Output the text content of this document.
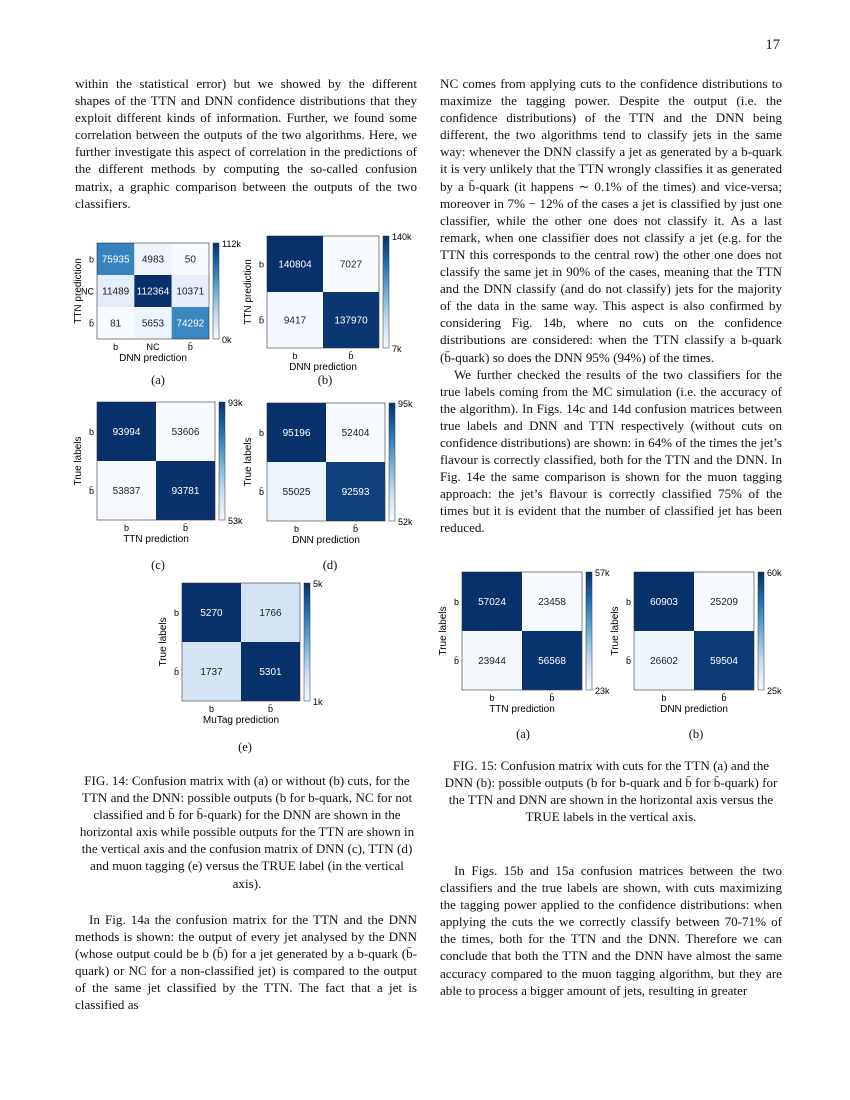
17

within the statistical error) but we showed by the different shapes of the TTN and DNN confidence distributions that they exploit different kinds of information. Further, we found some correlation between the outputs of the two algorithms. Here, we further investigate this aspect of correlation in the predictions of the different methods by computing the so-called confusion matrix, a graphic comparison between the outputs of the two classifiers.

75935 4983 50
11489 112364 10371
81 5653 74292
b
NC
b̄
b	NC	b̄
DNN prediction
TTN prediction
112k
0k
(a)
140804	7027
9417	137970
b
b̄
b	b̄
DNN prediction
TTN prediction
140k
7k
(b)
93994	53606
53837	93781
b
b̄
b	b̄
TTN prediction
True labels
93k
53k
(c)
95196	52404
55025	92593
b
b̄
b	b̄
DNN prediction
True labels
95k
52k
(d)
5270	1766
1737	5301
b
b̄
b	b̄
MuTag prediction
True labels
5k
1k
(e)
FIG. 14: Confusion matrix with (a) or without (b) cuts, for the TTN and the DNN: possible outputs (b for b-quark, NC for not classified and b̄ for b̄-quark) for the DNN are shown in the horizontal axis while possible outputs for the TTN are shown in the vertical axis and the confusion matrix of DNN (c), TTN (d) and muon tagging (e) versus the TRUE label (in the vertical axis).

In Fig. 14a the confusion matrix for the TTN and the DNN methods is shown: the output of every jet analysed by the DNN (whose output could be b (b̄) for a jet generated by a b-quark (b̄-quark) or NC for a non-classified jet) is compared to the output of the same jet classified by the TTN. The fact that a jet is classified as

NC comes from applying cuts to the confidence distributions to maximize the tagging power. Despite the output (i.e. the confidence distributions) of the TTN and the DNN being different, the two algorithms tend to classify jets in the same way: whenever the DNN classify a jet as generated by a b-quark it is very unlikely that the TTN wrongly classifies it as generated by a b̄-quark (it happens ∼ 0.1% of the times) and vice-versa; moreover in 7% − 12% of the cases a jet is classified by just one classifier, while the other one does not classify it. As a last remark, when one classifier does not classify a jet (e.g. for the TTN this corresponds to the central row) the other one does not classify the same jet in 90% of the cases, meaning that the TTN and the DNN classify (and do not classify) jets for the majority of the data in the same way. This aspect is also confirmed by considering Fig. 14b, where no cuts on the confidence distributions are considered: when the TTN classify a b-quark (b̄-quark) so does the DNN 95% (94%) of the times.

We further checked the results of the two classifiers for the true labels coming from the MC simulation (i.e. the accuracy of the algorithm). In Figs. 14c and 14d confusion matrices between true labels and DNN and TTN respectively (without cuts on confidence distributions) are shown: in 64% of the times the jet’s flavour is correctly classified, both for the TTN and the DNN. In Fig. 14e the same comparison is shown for the muon tagging approach: the jet’s flavour is correctly classified 75% of the times but it is evident that the number of classified jet has been reduced.

57024	23458
23944	56568
b
b̄
b	b̄
TTN prediction
True labels
57k
23k
(a)
60903	25209
26602	59504
b
b̄
b	b̄
DNN prediction
True labels
60k
25k
(b)
FIG. 15: Confusion matrix with cuts for the TTN (a) and the DNN (b): possible outputs (b for b-quark and b̄ for b̄-quark) for the TTN and DNN are shown in the horizontal axis versus the TRUE labels in the vertical axis.

In Figs. 15b and 15a confusion matrices between the two classifiers and the true labels are shown, with cuts maximizing the tagging power applied to the confidence distributions: when applying the cuts the we correctly classify between 70-71% of the times, both for the TTN and the DNN. Therefore we can conclude that both the TTN and the DNN have almost the same accuracy compared to the muon tagging algorithm, but they are able to process a bigger amount of jets, resulting in greater
